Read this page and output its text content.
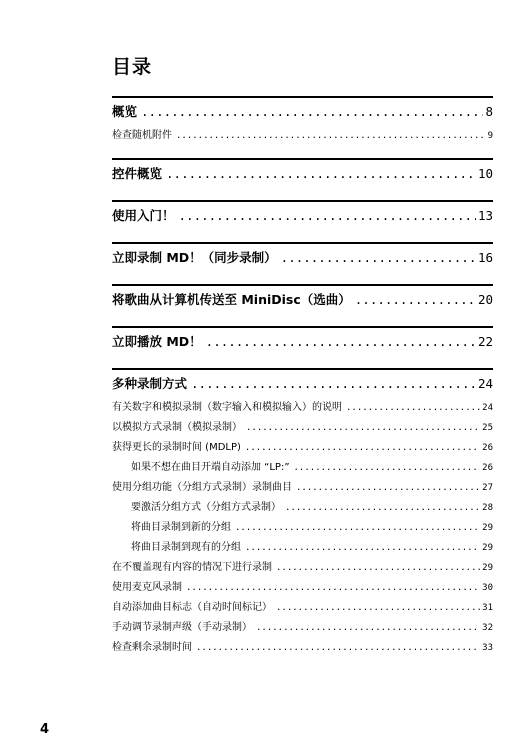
目录
概览 .....	8
检查随机附件 .....	9
控件概览 .....	10
使用入门！ .....	13
立即录制 MD！（同步录制） .....	16
将歌曲从计算机传送至 MiniDisc（选曲） .....	20
立即播放 MD！ .....	22
多种录制方式 .....	24
有关数字和模拟录制（数字输入和模拟输入）的说明 .....	24
以模拟方式录制（模拟录制） .....	25
获得更长的录制时间 (MDLP) .....	26
如果不想在曲目开端自动添加 “LP:” .....	26
使用分组功能（分组方式录制）录制曲目 .....	27
要激活分组方式（分组方式录制） .....	28
将曲目录制到新的分组 .....	29
将曲目录制到现有的分组 .....	29
在不覆盖现有内容的情况下进行录制 .....	29
使用麦克风录制 .....	30
自动添加曲目标志（自动时间标记） .....	31
手动调节录制声级（手动录制） .....	32
检查剩余录制时间 .....	33
4
